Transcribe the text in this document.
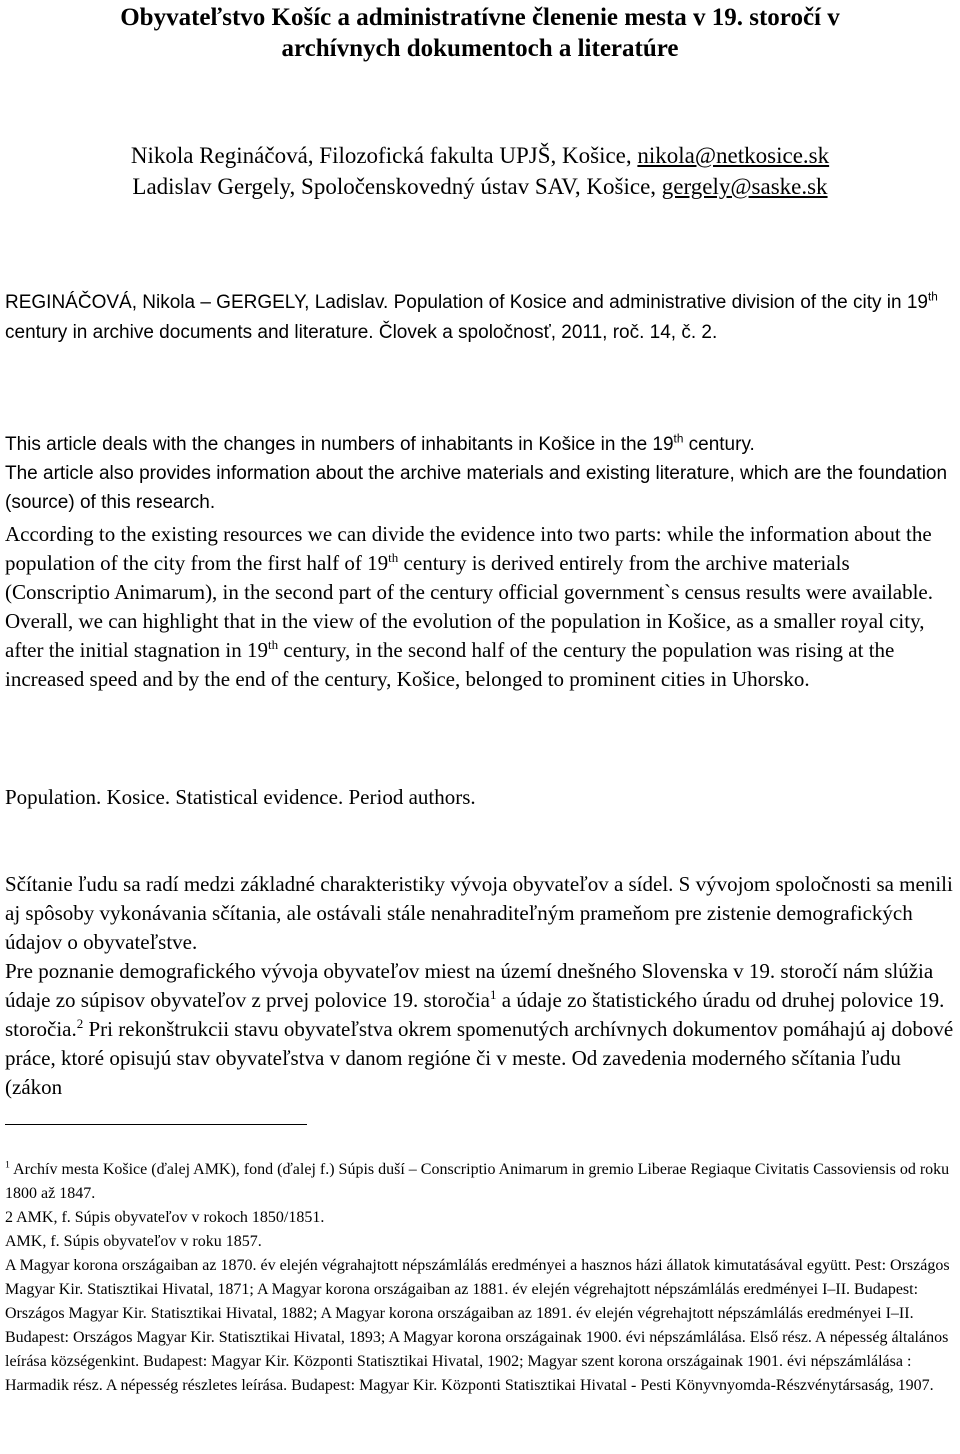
Obyvateľstvo Košíc a administratívne členenie mesta v 19. storočí v
archívnych dokumentoch a literatúre
Nikola Regináčová, Filozofická fakulta UPJŠ, Košice, nikola@netkosice.sk
Ladislav Gergely, Spoločenskovedný ústav SAV, Košice, gergely@saske.sk
REGINÁČOVÁ, Nikola – GERGELY, Ladislav. Population of Kosice and administrative division of the city in 19th century in archive documents and literature. Človek a spoločnosť, 2011, roč. 14, č. 2.

This article deals with the changes in numbers of inhabitants in Košice in the 19th century.

The article also provides information about the archive materials and existing literature, which are the foundation (source) of this research.

According to the existing resources we can divide the evidence into two parts: while the information about the population of the city from the first half of 19th century is derived entirely from the archive materials (Conscriptio Animarum), in the second part of the century official government`s census results were available.

Overall, we can highlight that in the view of the evolution of the population in Košice, as a smaller royal city, after the initial stagnation in 19th century, in the second half of the century the population was rising at the increased speed and by the end of the century, Košice, belonged to prominent cities in Uhorsko.

Population. Kosice. Statistical evidence. Period authors.

Sčítanie ľudu sa radí medzi základné charakteristiky vývoja obyvateľov a sídel. S vývojom spoločnosti sa menili aj spôsoby vykonávania sčítania, ale ostávali stále nenahraditeľným prameňom pre zistenie demografických údajov o obyvateľstve.

Pre poznanie demografického vývoja obyvateľov miest na území dnešného Slovenska v 19. storočí nám slúžia údaje zo súpisov obyvateľov z prvej polovice 19. storočia$^1$ a údaje zo štatistického úradu od druhej polovice 19. storočia.$^2$ Pri rekonštrukcii stavu obyvateľstva okrem spomenutých archívnych dokumentov pomáhajú aj dobové práce, ktoré opisujú stav obyvateľstva v danom regióne či v meste. Od zavedenia moderného sčítania ľudu (zákon

$^1$ Archív mesta Košice (ďalej AMK), fond (ďalej f.) Súpis duší – Conscriptio Animarum in gremio Liberae Regiaque Civitatis Cassoviensis od roku 1800 až 1847.

2 AMK, f. Súpis obyvateľov v rokoch 1850/1851.

AMK, f. Súpis obyvateľov v roku 1857.

A Magyar korona országaiban az 1870. év elején végrahajtott népszámlálás eredményei a hasznos házi állatok kimutatásával együtt. Pest: Országos Magyar Kir. Statisztikai Hivatal, 1871; A Magyar korona országaiban az 1881. év elején végrehajtott népszámlálás eredményei I–II. Budapest: Országos Magyar Kir. Statisztikai Hivatal, 1882; A Magyar korona országaiban az 1891. év elején végrehajtott népszámlálás eredményei I–II. Budapest: Országos Magyar Kir. Statisztikai Hivatal, 1893; A Magyar korona országainak 1900. évi népszámlálása. Első rész. A népesség általános leírása községenkint. Budapest: Magyar Kir. Központi Statisztikai Hivatal, 1902; Magyar szent korona országainak 1901. évi népszámlálása : Harmadik rész. A népesség részletes leírása. Budapest: Magyar Kir. Központi Statisztikai Hivatal - Pesti Könyvnyomda-Részvénytársaság, 1907.
